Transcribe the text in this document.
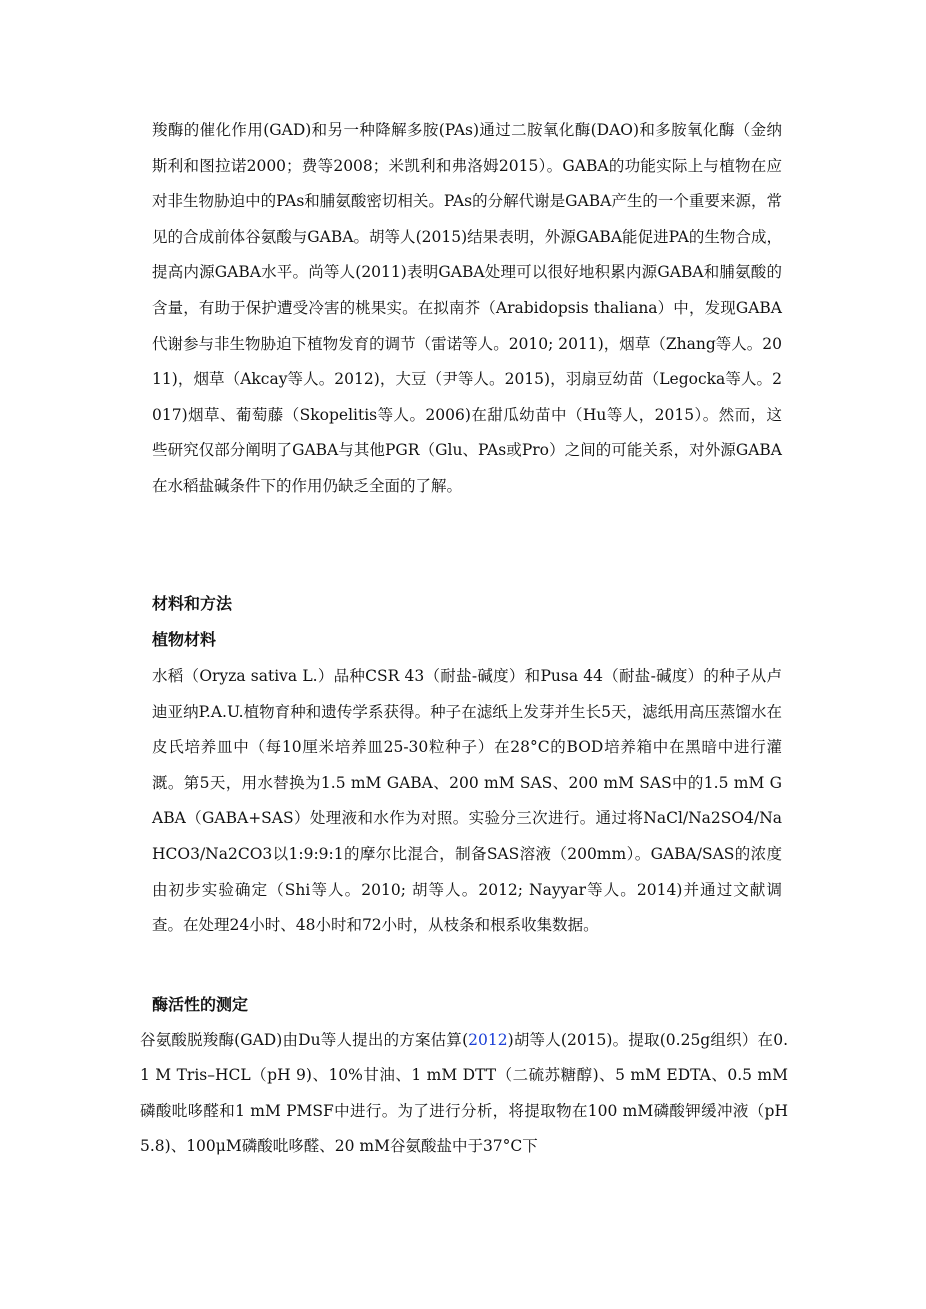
羧酶的催化作用(GAD)和另一种降解多胺(PAs)通过二胺氧化酶(DAO)和多胺氧化酶（金纳斯利和图拉诺2000；费等2008；米凯利和弗洛姆2015）。GABA的功能实际上与植物在应对非生物胁迫中的PAs和脯氨酸密切相关。PAs的分解代谢是GABA产生的一个重要来源，常见的合成前体谷氨酸与GABA。胡等人(2015)结果表明，外源GABA能促进PA的生物合成，提高内源GABA水平。尚等人(2011)表明GABA处理可以很好地积累内源GABA和脯氨酸的含量，有助于保护遭受冷害的桃果实。在拟南芥（Arabidopsis thaliana）中，发现GABA代谢参与非生物胁迫下植物发育的调节（雷诺等人。2010; 2011)，烟草（Zhang等人。2011)，烟草（Akcay等人。2012)，大豆（尹等人。2015)，羽扇豆幼苗（Legocka等人。2017)烟草、葡萄藤（Skopelitis等人。2006)在甜瓜幼苗中（Hu等人，2015）。然而，这些研究仅部分阐明了GABA与其他PGR（Glu、PAs或Pro）之间的可能关系，对外源GABA在水稻盐碱条件下的作用仍缺乏全面的了解。

材料和方法
植物材料

水稻（Oryza sativa L.）品种CSR 43（耐盐-碱度）和Pusa 44（耐盐-碱度）的种子从卢迪亚纳P.A.U.植物育种和遗传学系获得。种子在滤纸上发芽并生长5天，滤纸用高压蒸馏水在皮氏培养皿中（每10厘米培养皿25-30粒种子）在28°C的BOD培养箱中在黑暗中进行灌溉。第5天，用水替换为1.5 mM GABA、200 mM SAS、200 mM SAS中的1.5 mM GABA（GABA+SAS）处理液和水作为对照。实验分三次进行。通过将NaCl/Na2SO4/NaHCO3/Na2CO3以1:9:9:1的摩尔比混合，制备SAS溶液（200mm）。GABA/SAS的浓度由初步实验确定（Shi等人。2010; 胡等人。2012; Nayyar等人。2014)并通过文献调查。在处理24小时、48小时和72小时，从枝条和根系收集数据。

酶活性的测定

谷氨酸脱羧酶(GAD)由Du等人提出的方案估算(2012)胡等人(2015)。提取(0.25g组织）在0.1 M Tris–HCL（pH 9)、10%甘油、1 mM DTT（二硫苏糖醇)、5 mM EDTA、0.5 mM磷酸吡哆醛和1 mM PMSF中进行。为了进行分析，将提取物在100 mM磷酸钾缓冲液（pH 5.8)、100μM磷酸吡哆醛、20 mM谷氨酸盐中于37°C下
